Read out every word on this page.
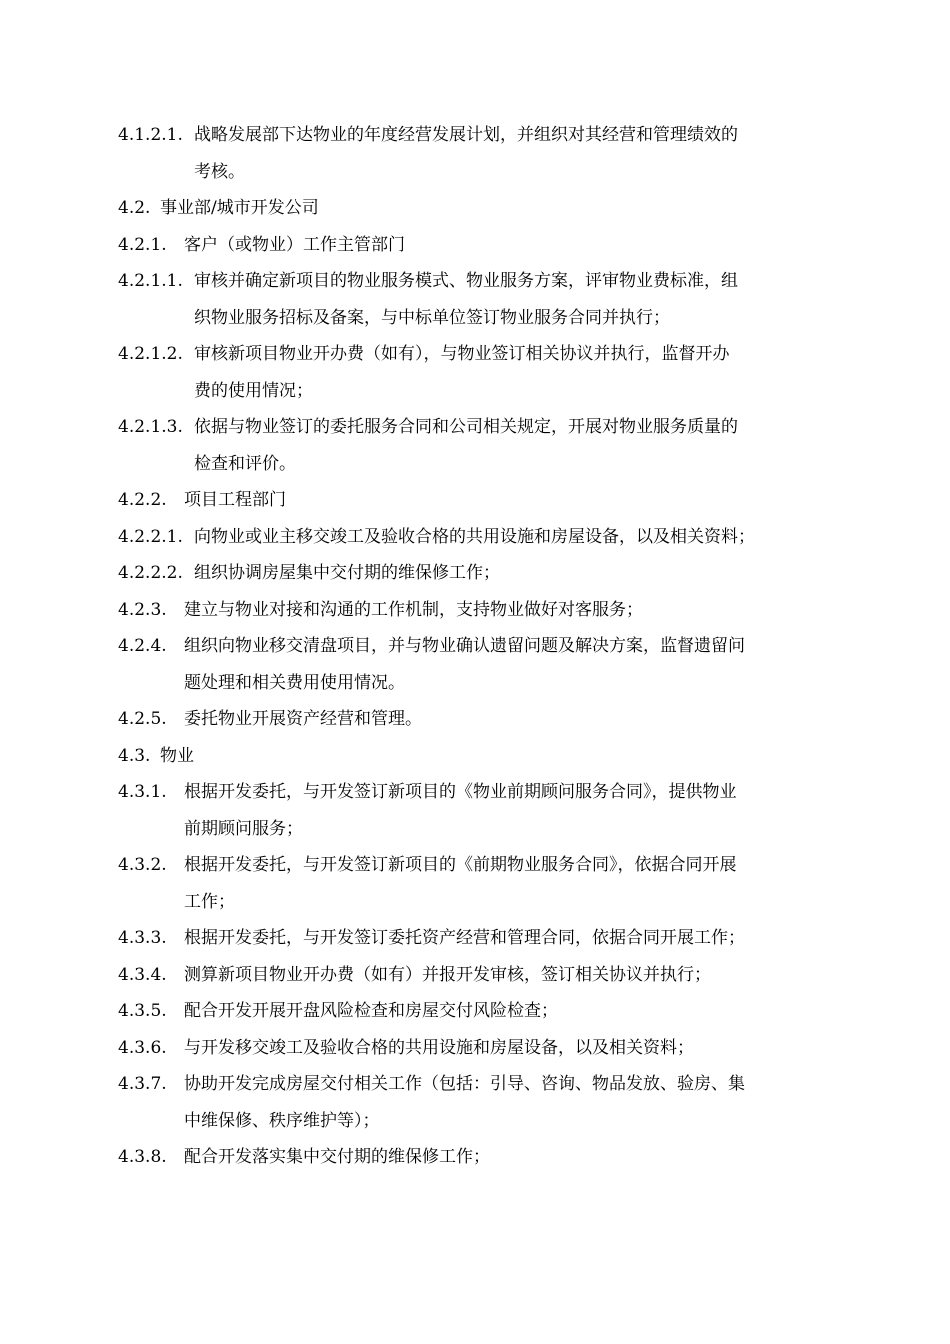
4.1.2.1. 战略发展部下达物业的年度经营发展计划，并组织对其经营和管理绩效的
考核。
4.2. 事业部/城市开发公司
4.2.1.	客户（或物业）工作主管部门
4.2.1.1. 审核并确定新项目的物业服务模式、物业服务方案，评审物业费标准，组
织物业服务招标及备案，与中标单位签订物业服务合同并执行；
4.2.1.2. 审核新项目物业开办费（如有），与物业签订相关协议并执行，监督开办
费的使用情况；
4.2.1.3. 依据与物业签订的委托服务合同和公司相关规定，开展对物业服务质量的
检查和评价。
4.2.2.	项目工程部门
4.2.2.1. 向物业或业主移交竣工及验收合格的共用设施和房屋设备，以及相关资料；
4.2.2.2. 组织协调房屋集中交付期的维保修工作；
4.2.3.	建立与物业对接和沟通的工作机制，支持物业做好对客服务；
4.2.4.	组织向物业移交清盘项目，并与物业确认遗留问题及解决方案，监督遗留问
题处理和相关费用使用情况。
4.2.5.	委托物业开展资产经营和管理。
4.3. 物业
4.3.1.	根据开发委托，与开发签订新项目的《物业前期顾问服务合同》，提供物业
前期顾问服务；
4.3.2.	根据开发委托，与开发签订新项目的《前期物业服务合同》，依据合同开展
工作；
4.3.3.	根据开发委托，与开发签订委托资产经营和管理合同，依据合同开展工作；
4.3.4.	测算新项目物业开办费（如有）并报开发审核，签订相关协议并执行；
4.3.5.	配合开发开展开盘风险检查和房屋交付风险检查；
4.3.6.	与开发移交竣工及验收合格的共用设施和房屋设备，以及相关资料；
4.3.7.	协助开发完成房屋交付相关工作（包括：引导、咨询、物品发放、验房、集
中维保修、秩序维护等）；
4.3.8.	配合开发落实集中交付期的维保修工作；
